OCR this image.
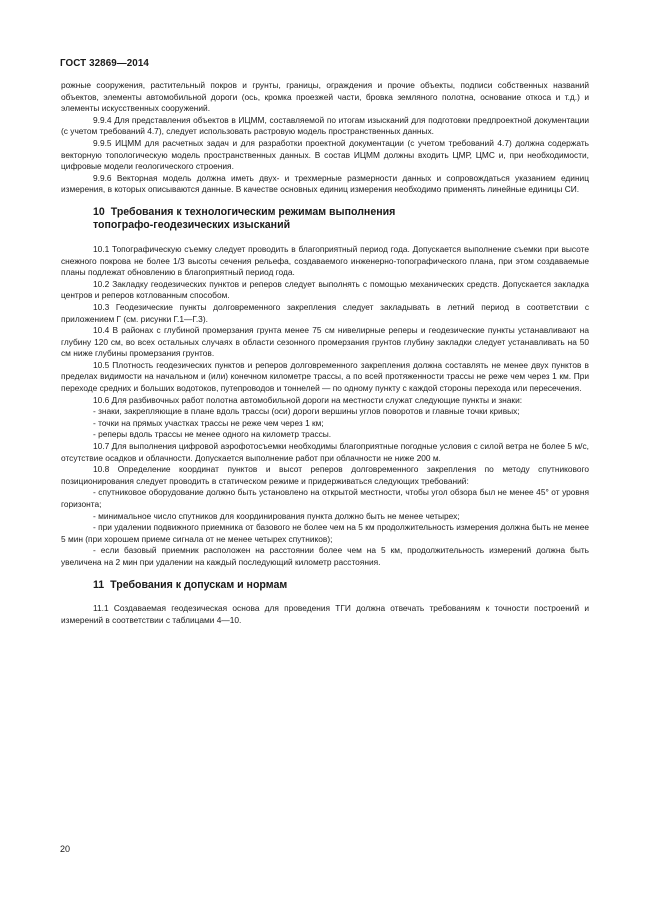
ГОСТ 32869—2014

рожные сооружения, растительный покров и грунты, границы, ограждения и прочие объекты, подписи собственных названий объектов, элементы автомобильной дороги (ось, кромка проезжей части, бровка земляного полотна, основание откоса и т.д.) и элементы искусственных сооружений.

9.9.4 Для представления объектов в ИЦММ, составляемой по итогам изысканий для подготовки предпроектной документации (с учетом требований 4.7), следует использовать растровую модель пространственных данных.

9.9.5 ИЦММ для расчетных задач и для разработки проектной документации (с учетом требований 4.7) должна содержать векторную топологическую модель пространственных данных. В состав ИЦММ должны входить ЦМР, ЦМС и, при необходимости, цифровые модели геологического строения.

9.9.6 Векторная модель должна иметь двух- и трехмерные размерности данных и сопровождаться указанием единиц измерения, в которых описываются данные. В качестве основных единиц измерения необходимо применять линейные единицы СИ.

10 Требования к технологическим режимам выполнения
топографо-геодезических изысканий

10.1 Топографическую съемку следует проводить в благоприятный период года. Допускается выполнение съемки при высоте снежного покрова не более 1/3 высоты сечения рельефа, создаваемого инженерно-топографического плана, при этом создаваемые планы подлежат обновлению в благоприятный период года.

10.2 Закладку геодезических пунктов и реперов следует выполнять с помощью механических средств. Допускается закладка центров и реперов котлованным способом.

10.3 Геодезические пункты долговременного закрепления следует закладывать в летний период в соответствии с приложением Г (см. рисунки Г.1—Г.3).

10.4 В районах с глубиной промерзания грунта менее 75 см нивелирные реперы и геодезические пункты устанавливают на глубину 120 см, во всех остальных случаях в области сезонного промерзания грунтов глубину закладки следует устанавливать на 50 см ниже глубины промерзания грунтов.

10.5 Плотность геодезических пунктов и реперов долговременного закрепления должна составлять не менее двух пунктов в пределах видимости на начальном и (или) конечном километре трассы, а по всей протяженности трассы не реже чем через 1 км. При переходе средних и больших водотоков, путепроводов и тоннелей — по одному пункту с каждой стороны перехода или пересечения.

10.6 Для разбивочных работ полотна автомобильной дороги на местности служат следующие пункты и знаки:

- знаки, закрепляющие в плане вдоль трассы (оси) дороги вершины углов поворотов и главные точки кривых;

- точки на прямых участках трассы не реже чем через 1 км;

- реперы вдоль трассы не менее одного на километр трассы.

10.7 Для выполнения цифровой аэрофотосъемки необходимы благоприятные погодные условия с силой ветра не более 5 м/с, отсутствие осадков и облачности. Допускается выполнение работ при облачности не ниже 200 м.

10.8 Определение координат пунктов и высот реперов долговременного закрепления по методу спутникового позиционирования следует проводить в статическом режиме и придерживаться следующих требований:

- спутниковое оборудование должно быть установлено на открытой местности, чтобы угол обзора был не менее 45° от уровня горизонта;

- минимальное число спутников для координирования пункта должно быть не менее четырех;

- при удалении подвижного приемника от базового не более чем на 5 км продолжительность измерения должна быть не менее 5 мин (при хорошем приеме сигнала от не менее четырех спутников);

- если базовый приемник расположен на расстоянии более чем на 5 км, продолжительность измерений должна быть увеличена на 2 мин при удалении на каждый последующий километр расстояния.

11 Требования к допускам и нормам

11.1 Создаваемая геодезическая основа для проведения ТГИ должна отвечать требованиям к точности построений и измерений в соответствии с таблицами 4—10.

20
